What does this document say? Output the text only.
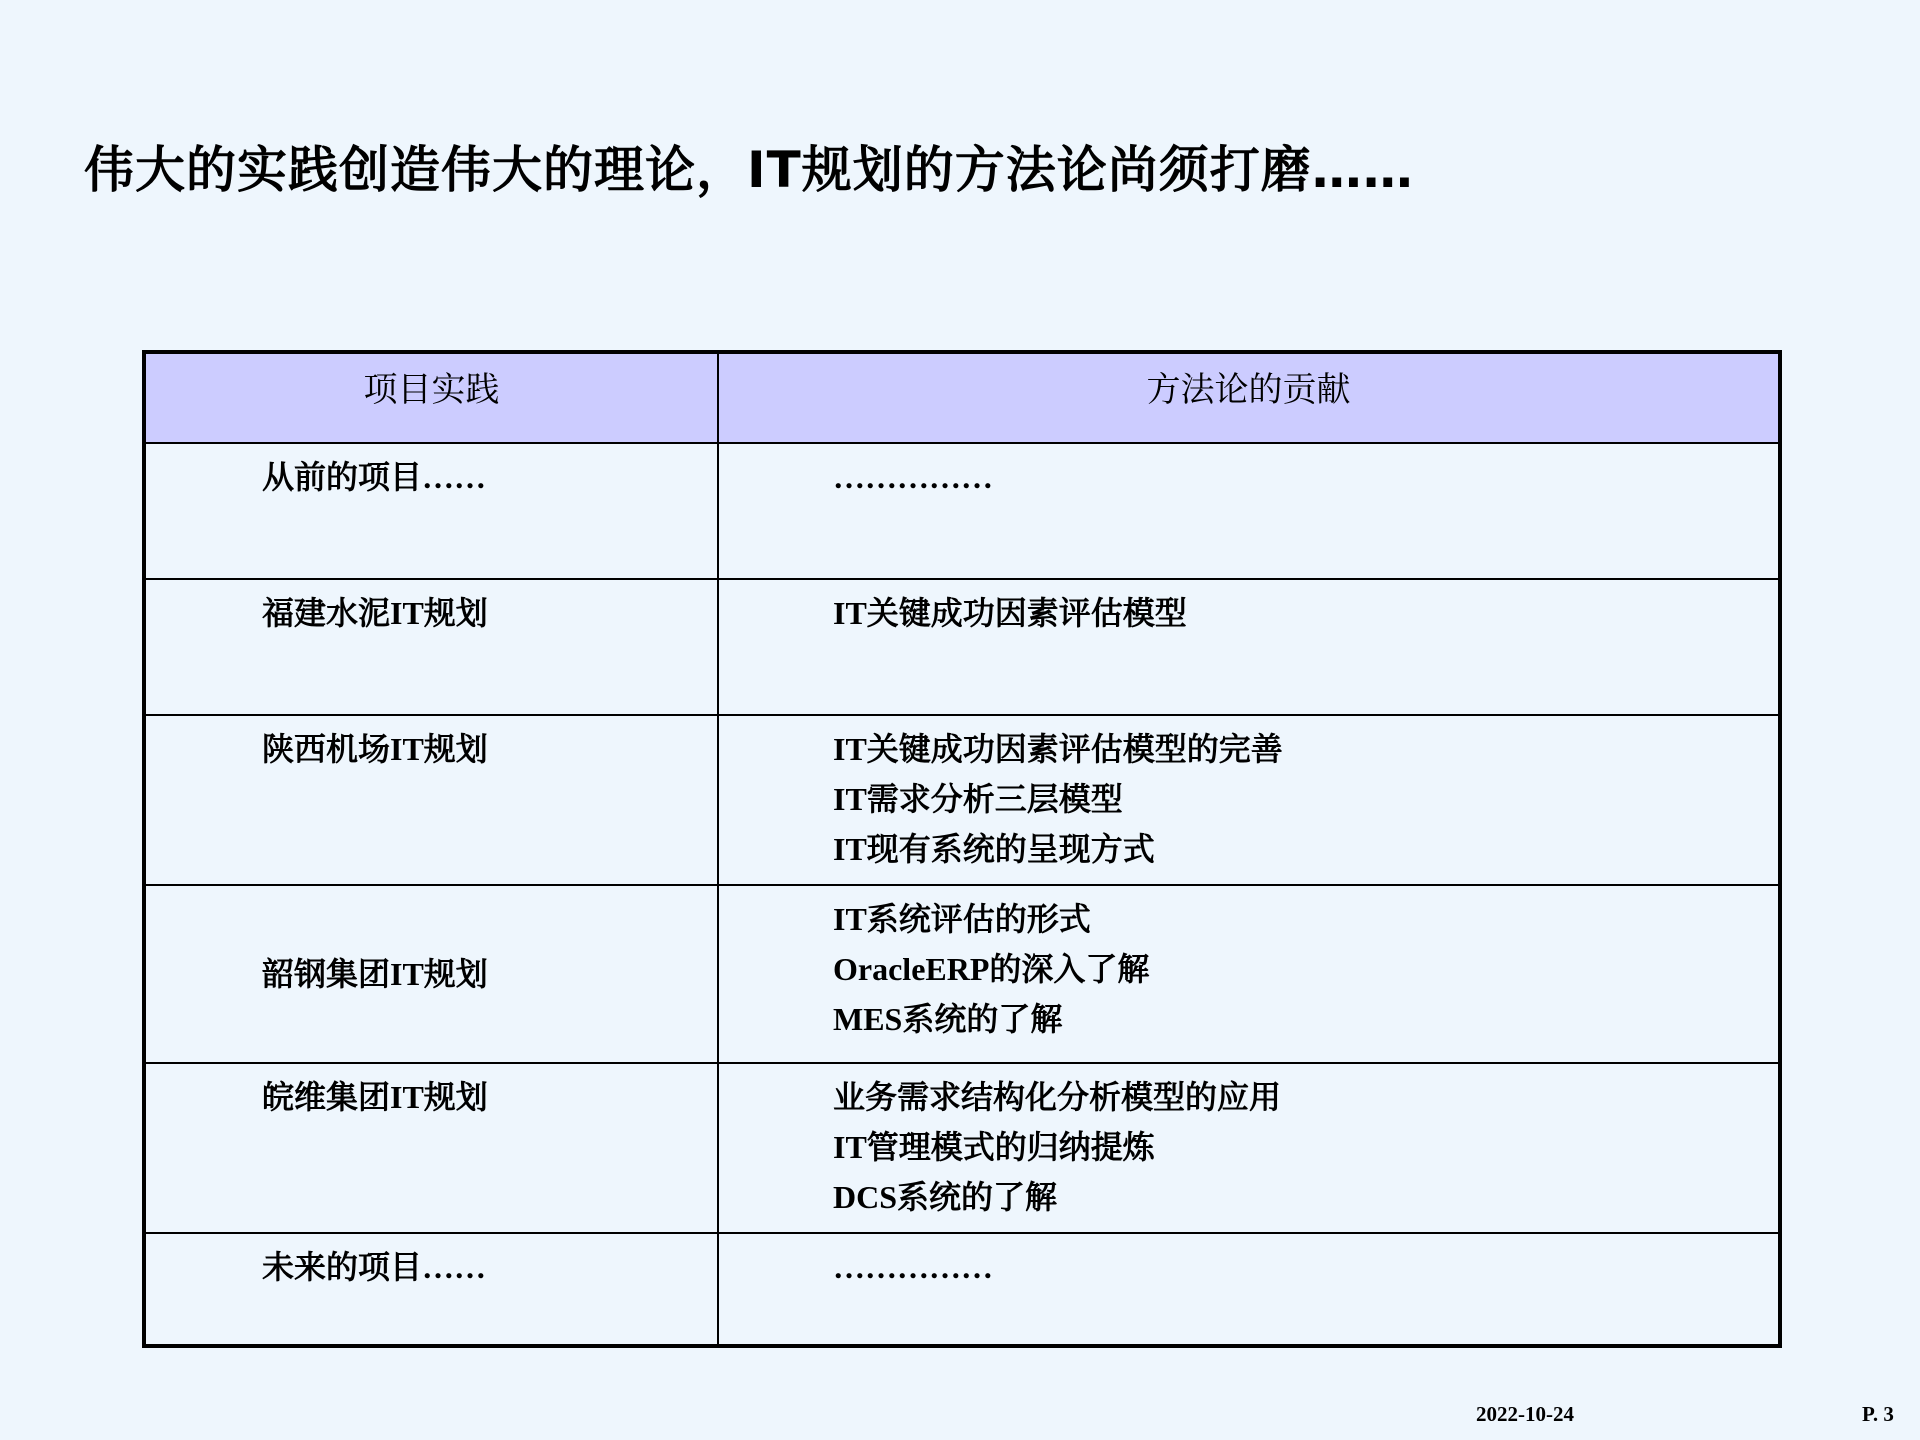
伟大的实践创造伟大的理论，IT规划的方法论尚须打磨……
项目实践	方法论的贡献
从前的项目……	……………

福建水泥IT规划	IT关键成功因素评估模型

陕西机场IT规划	IT关键成功因素评估模型的完善
IT需求分析三层模型
IT现有系统的呈现方式

韶钢集团IT规划	IT系统评估的形式
OracleERP的深入了解
MES系统的了解

皖维集团IT规划	业务需求结构化分析模型的应用
IT管理模式的归纳提炼
DCS系统的了解

未来的项目……	……………
2022-10-24	P. 3
